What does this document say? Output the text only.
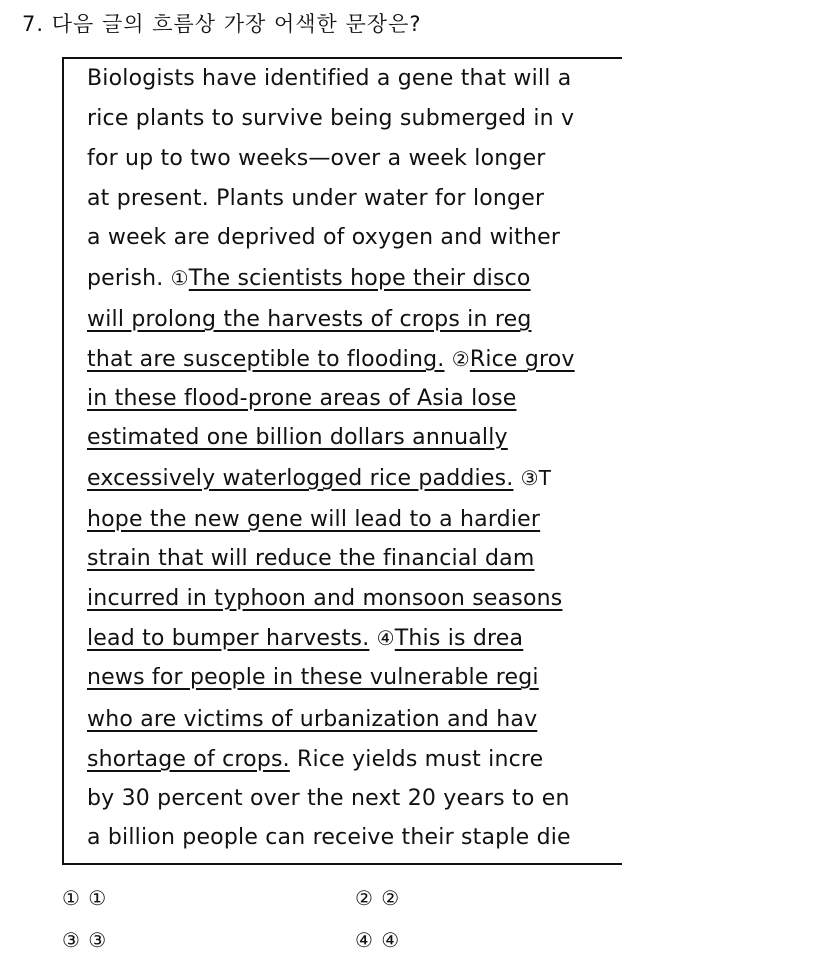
7. 다음 글의 흐름상 가장 어색한 문장은?
Biologists have identified a gene that will a
rice plants to survive being submerged in v
for up to two weeks—over a week longer
at present. Plants under water for longer
a week are deprived of oxygen and wither
perish. ①The scientists hope their disco
will prolong the harvests of crops in reg
that are susceptible to flooding. ②Rice grov
in these flood-prone areas of Asia lose
estimated one billion dollars annually
excessively waterlogged rice paddies. ③T
hope the new gene will lead to a hardier
strain that will reduce the financial dam
incurred in typhoon and monsoon seasons
lead to bumper harvests. ④This is drea
news for people in these vulnerable regi
who are victims of urbanization and hav
shortage of crops. Rice yields must incre
by 30 percent over the next 20 years to en
a billion people can receive their staple die
① ①	② ②
③ ③	④ ④
